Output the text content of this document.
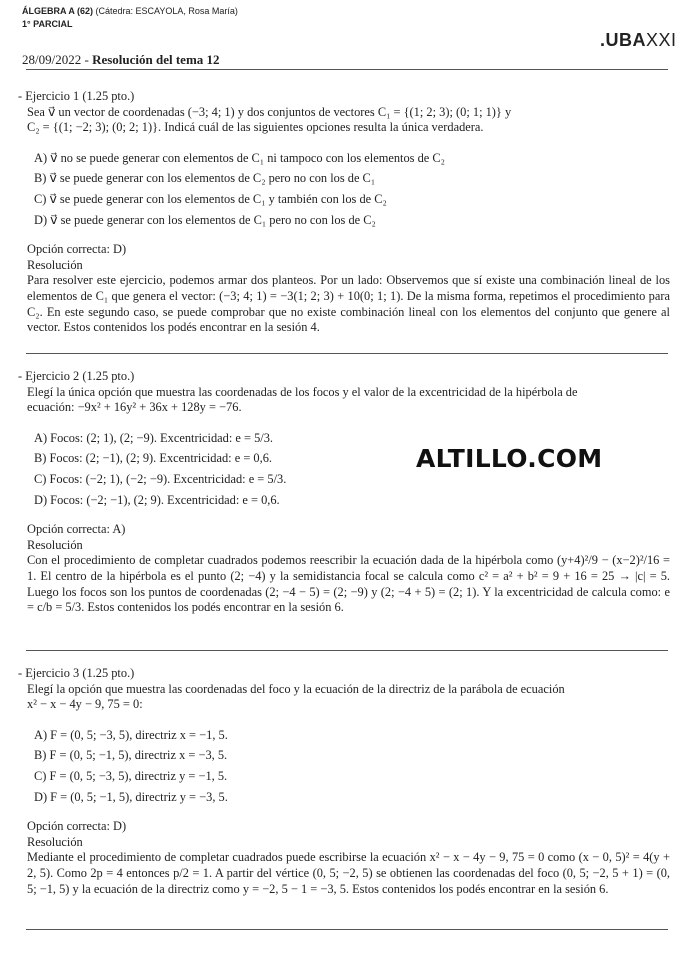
ÁLGEBRA A (62) (Cátedra: ESCAYOLA, Rosa María)
1° PARCIAL
28/09/2022 - Resolución del tema 12
.UBAXXI
ALTILLO.COM

- Ejercicio 1 (1.25 pto.)

Sea v⃗ un vector de coordenadas (−3; 4; 1) y dos conjuntos de vectores C₁ = {(1; 2; 3); (0; 1; 1)} y

C₂ = {(1; −2; 3); (0; 2; 1)}. Indicá cuál de las siguientes opciones resulta la única verdadera.

A) v⃗ no se puede generar con elementos de C₁ ni tampoco con los elementos de C₂
B) v⃗ se puede generar con los elementos de C₂ pero no con los de C₁
C) v⃗ se puede generar con los elementos de C₁ y también con los de C₂
D) v⃗ se puede generar con los elementos de C₁ pero no con los de C₂

Opción correcta: D)

Resolución

Para resolver este ejercicio, podemos armar dos planteos. Por un lado: Observemos que sí existe una combinación lineal de los elementos de C₁ que genera el vector: (−3; 4; 1) = −3(1; 2; 3) + 10(0; 1; 1). De la misma forma, repetimos el procedimiento para C₂. En este segundo caso, se puede comprobar que no existe combinación lineal con los elementos del conjunto que genere al vector. Estos contenidos los podés encontrar en la sesión 4.

- Ejercicio 2 (1.25 pto.)

Elegí la única opción que muestra las coordenadas de los focos y el valor de la excentricidad de la hipérbola de

ecuación: −9x² + 16y² + 36x + 128y = −76.

A) Focos: (2; 1), (2; −9). Excentricidad: e = 5/3.
B) Focos: (2; −1), (2; 9). Excentricidad: e = 0,6.
C) Focos: (−2; 1), (−2; −9). Excentricidad: e = 5/3.
D) Focos: (−2; −1), (2; 9). Excentricidad: e = 0,6.

Opción correcta: A)

Resolución

Con el procedimiento de completar cuadrados podemos reescribir la ecuación dada de la hipérbola como (y+4)²/9 − (x−2)²/16 = 1. El centro de la hipérbola es el punto (2; −4) y la semidistancia focal se calcula como c² = a² + b² = 9 + 16 = 25 → |c| = 5. Luego los focos son los puntos de coordenadas (2; −4 − 5) = (2; −9) y (2; −4 + 5) = (2; 1). Y la excentricidad de calcula como: e = c/b = 5/3. Estos contenidos los podés encontrar en la sesión 6.

- Ejercicio 3 (1.25 pto.)

Elegí la opción que muestra las coordenadas del foco y la ecuación de la directriz de la parábola de ecuación

x² − x − 4y − 9, 75 = 0:

A) F = (0, 5; −3, 5), directriz x = −1, 5.
B) F = (0, 5; −1, 5), directriz x = −3, 5.
C) F = (0, 5; −3, 5), directriz y = −1, 5.
D) F = (0, 5; −1, 5), directriz y = −3, 5.

Opción correcta: D)

Resolución

Mediante el procedimiento de completar cuadrados puede escribirse la ecuación x² − x − 4y − 9, 75 = 0 como (x − 0, 5)² = 4(y + 2, 5). Como 2p = 4 entonces p/2 = 1. A partir del vértice (0, 5; −2, 5) se obtienen las coordenadas del foco (0, 5; −2, 5 + 1) = (0, 5; −1, 5) y la ecuación de la directriz como y = −2, 5 − 1 = −3, 5. Estos contenidos los podés encontrar en la sesión 6.
